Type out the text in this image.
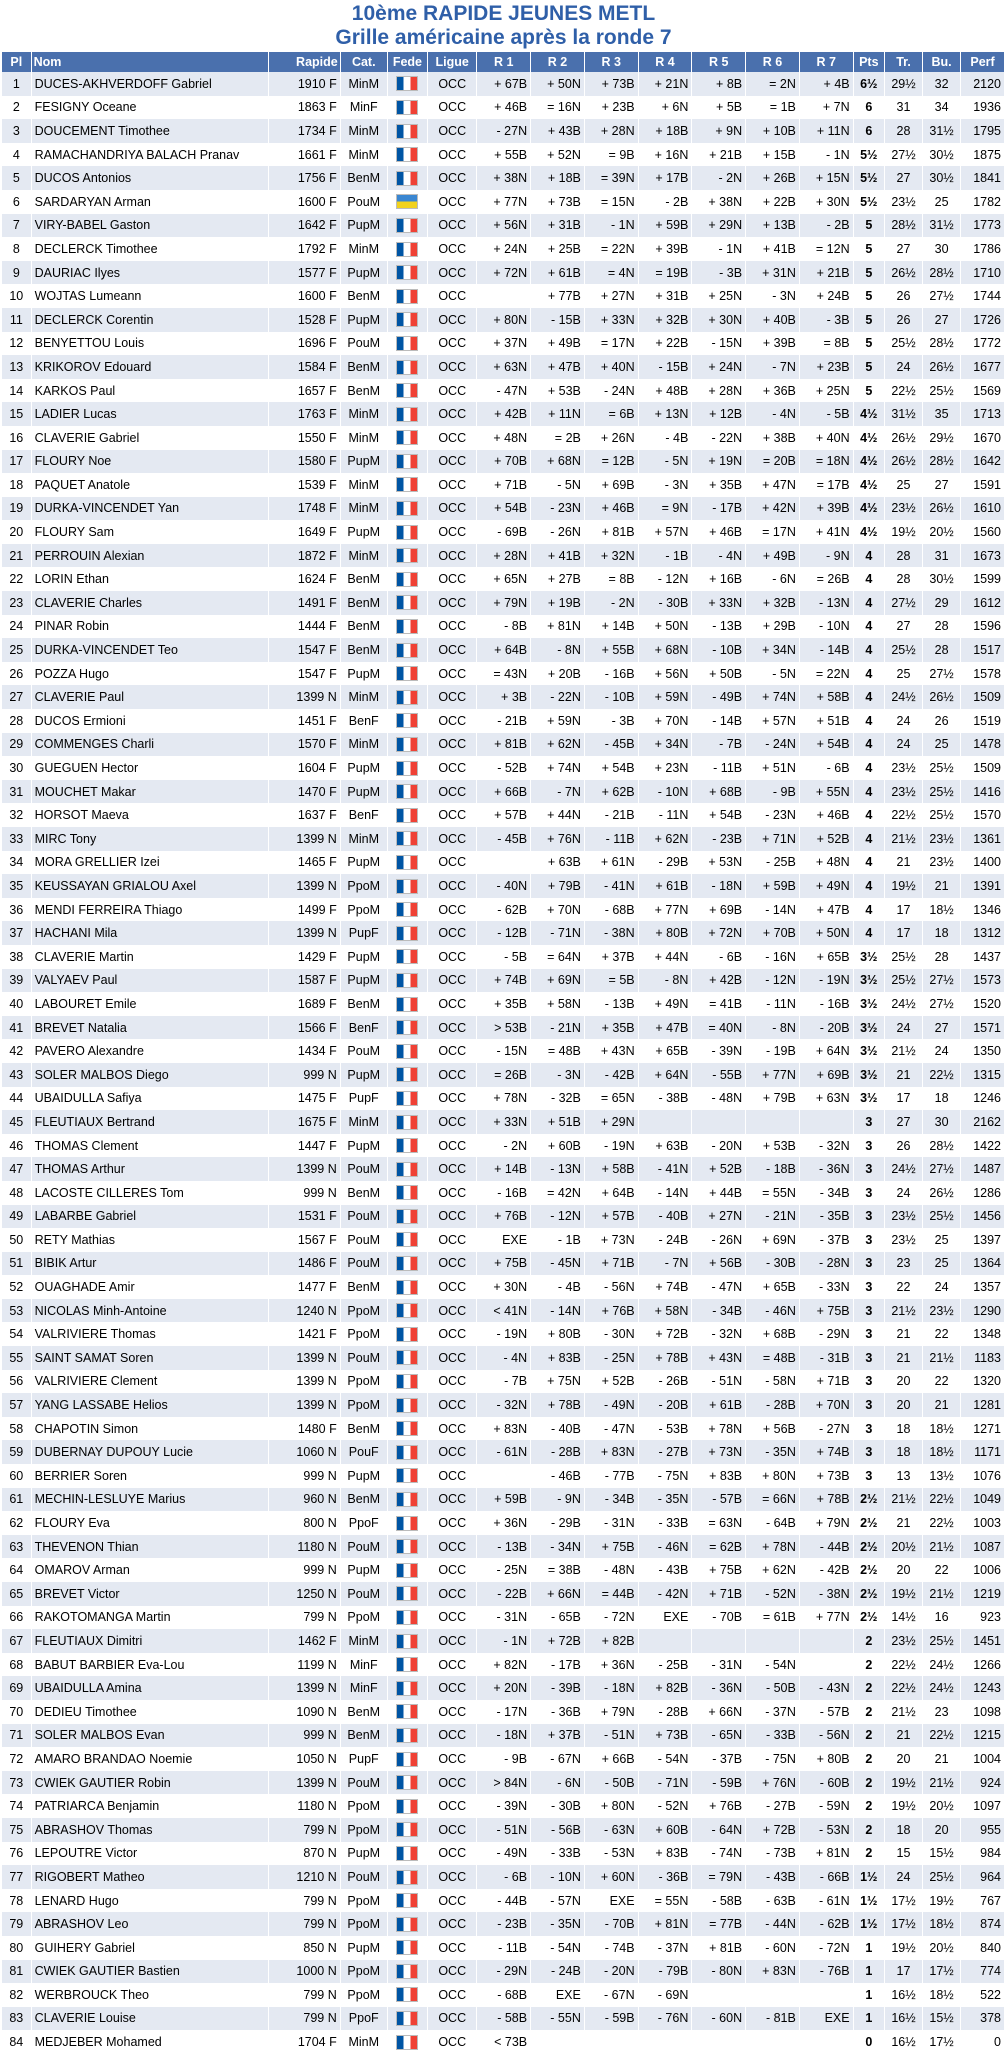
10ème RAPIDE JEUNES METL
Grille américaine après la ronde 7
Pl	Nom	Rapide	Cat.	Fede	Ligue	R 1	R 2	R 3	R 4	R 5	R 6	R 7	Pts	Tr.	Bu.	Perf
1	DUCES-AKHVERDOFF Gabriel	1910 F	MinM		OCC	+ 67B	+ 50N	+ 73B	+ 21N	+ 8B	= 2N	+ 4B	6½	29½	32	2120
2	FESIGNY Oceane	1863 F	MinF		OCC	+ 46B	= 16N	+ 23B	+ 6N	+ 5B	= 1B	+ 7N	6	31	34	1936
3	DOUCEMENT Timothee	1734 F	MinM		OCC	- 27N	+ 43B	+ 28N	+ 18B	+ 9N	+ 10B	+ 11N	6	28	31½	1795
4	RAMACHANDRIYA BALACH Pranav	1661 F	MinM		OCC	+ 55B	+ 52N	= 9B	+ 16N	+ 21B	+ 15B	- 1N	5½	27½	30½	1875
5	DUCOS Antonios	1756 F	BenM		OCC	+ 38N	+ 18B	= 39N	+ 17B	- 2N	+ 26B	+ 15N	5½	27	30½	1841
6	SARDARYAN Arman	1600 F	PouM		OCC	+ 77N	+ 73B	= 15N	- 2B	+ 38N	+ 22B	+ 30N	5½	23½	25	1782
7	VIRY-BABEL Gaston	1642 F	PupM		OCC	+ 56N	+ 31B	- 1N	+ 59B	+ 29N	+ 13B	- 2B	5	28½	31½	1773
8	DECLERCK Timothee	1792 F	MinM		OCC	+ 24N	+ 25B	= 22N	+ 39B	- 1N	+ 41B	= 12N	5	27	30	1786
9	DAURIAC Ilyes	1577 F	PupM		OCC	+ 72N	+ 61B	= 4N	= 19B	- 3B	+ 31N	+ 21B	5	26½	28½	1710
10	WOJTAS Lumeann	1600 F	BenM		OCC		+ 77B	+ 27N	+ 31B	+ 25N	- 3N	+ 24B	5	26	27½	1744
11	DECLERCK Corentin	1528 F	PupM		OCC	+ 80N	- 15B	+ 33N	+ 32B	+ 30N	+ 40B	- 3B	5	26	27	1726
12	BENYETTOU Louis	1696 F	PouM		OCC	+ 37N	+ 49B	= 17N	+ 22B	- 15N	+ 39B	= 8B	5	25½	28½	1772
13	KRIKOROV Edouard	1584 F	BenM		OCC	+ 63N	+ 47B	+ 40N	- 15B	+ 24N	- 7N	+ 23B	5	24	26½	1677
14	KARKOS Paul	1657 F	BenM		OCC	- 47N	+ 53B	- 24N	+ 48B	+ 28N	+ 36B	+ 25N	5	22½	25½	1569
15	LADIER Lucas	1763 F	MinM		OCC	+ 42B	+ 11N	= 6B	+ 13N	+ 12B	- 4N	- 5B	4½	31½	35	1713
16	CLAVERIE Gabriel	1550 F	MinM		OCC	+ 48N	= 2B	+ 26N	- 4B	- 22N	+ 38B	+ 40N	4½	26½	29½	1670
17	FLOURY Noe	1580 F	PupM		OCC	+ 70B	+ 68N	= 12B	- 5N	+ 19N	= 20B	= 18N	4½	26½	28½	1642
18	PAQUET Anatole	1539 F	MinM		OCC	+ 71B	- 5N	+ 69B	- 3N	+ 35B	+ 47N	= 17B	4½	25	27	1591
19	DURKA-VINCENDET Yan	1748 F	MinM		OCC	+ 54B	- 23N	+ 46B	= 9N	- 17B	+ 42N	+ 39B	4½	23½	26½	1610
20	FLOURY Sam	1649 F	PupM		OCC	- 69B	- 26N	+ 81B	+ 57N	+ 46B	= 17N	+ 41N	4½	19½	20½	1560
21	PERROUIN Alexian	1872 F	MinM		OCC	+ 28N	+ 41B	+ 32N	- 1B	- 4N	+ 49B	- 9N	4	28	31	1673
22	LORIN Ethan	1624 F	BenM		OCC	+ 65N	+ 27B	= 8B	- 12N	+ 16B	- 6N	= 26B	4	28	30½	1599
23	CLAVERIE Charles	1491 F	BenM		OCC	+ 79N	+ 19B	- 2N	- 30B	+ 33N	+ 32B	- 13N	4	27½	29	1612
24	PINAR Robin	1444 F	BenM		OCC	- 8B	+ 81N	+ 14B	+ 50N	- 13B	+ 29B	- 10N	4	27	28	1596
25	DURKA-VINCENDET Teo	1547 F	BenM		OCC	+ 64B	- 8N	+ 55B	+ 68N	- 10B	+ 34N	- 14B	4	25½	28	1517
26	POZZA Hugo	1547 F	PupM		OCC	= 43N	+ 20B	- 16B	+ 56N	+ 50B	- 5N	= 22N	4	25	27½	1578
27	CLAVERIE Paul	1399 N	MinM		OCC	+ 3B	- 22N	- 10B	+ 59N	- 49B	+ 74N	+ 58B	4	24½	26½	1509
28	DUCOS Ermioni	1451 F	BenF		OCC	- 21B	+ 59N	- 3B	+ 70N	- 14B	+ 57N	+ 51B	4	24	26	1519
29	COMMENGES Charli	1570 F	MinM		OCC	+ 81B	+ 62N	- 45B	+ 34N	- 7B	- 24N	+ 54B	4	24	25	1478
30	GUEGUEN Hector	1604 F	PupM		OCC	- 52B	+ 74N	+ 54B	+ 23N	- 11B	+ 51N	- 6B	4	23½	25½	1509
31	MOUCHET Makar	1470 F	PupM		OCC	+ 66B	- 7N	+ 62B	- 10N	+ 68B	- 9B	+ 55N	4	23½	25½	1416
32	HORSOT Maeva	1637 F	BenF		OCC	+ 57B	+ 44N	- 21B	- 11N	+ 54B	- 23N	+ 46B	4	22½	25½	1570
33	MIRC Tony	1399 N	MinM		OCC	- 45B	+ 76N	- 11B	+ 62N	- 23B	+ 71N	+ 52B	4	21½	23½	1361
34	MORA GRELLIER Izei	1465 F	PupM		OCC		+ 63B	+ 61N	- 29B	+ 53N	- 25B	+ 48N	4	21	23½	1400
35	KEUSSAYAN GRIALOU Axel	1399 N	PpoM		OCC	- 40N	+ 79B	- 41N	+ 61B	- 18N	+ 59B	+ 49N	4	19½	21	1391
36	MENDI FERREIRA Thiago	1499 F	PpoM		OCC	- 62B	+ 70N	- 68B	+ 77N	+ 69B	- 14N	+ 47B	4	17	18½	1346
37	HACHANI Mila	1399 N	PupF		OCC	- 12B	- 71N	- 38N	+ 80B	+ 72N	+ 70B	+ 50N	4	17	18	1312
38	CLAVERIE Martin	1429 F	PupM		OCC	- 5B	= 64N	+ 37B	+ 44N	- 6B	- 16N	+ 65B	3½	25½	28	1437
39	VALYAEV Paul	1587 F	PupM		OCC	+ 74B	+ 69N	= 5B	- 8N	+ 42B	- 12N	- 19N	3½	25½	27½	1573
40	LABOURET Emile	1689 F	BenM		OCC	+ 35B	+ 58N	- 13B	+ 49N	= 41B	- 11N	- 16B	3½	24½	27½	1520
41	BREVET Natalia	1566 F	BenF		OCC	> 53B	- 21N	+ 35B	+ 47B	= 40N	- 8N	- 20B	3½	24	27	1571
42	PAVERO Alexandre	1434 F	PouM		OCC	- 15N	= 48B	+ 43N	+ 65B	- 39N	- 19B	+ 64N	3½	21½	24	1350
43	SOLER MALBOS Diego	999 N	PupM		OCC	= 26B	- 3N	- 42B	+ 64N	- 55B	+ 77N	+ 69B	3½	21	22½	1315
44	UBAIDULLA Safiya	1475 F	PupF		OCC	+ 78N	- 32B	= 65N	- 38B	- 48N	+ 79B	+ 63N	3½	17	18	1246
45	FLEUTIAUX Bertrand	1675 F	MinM		OCC	+ 33N	+ 51B	+ 29N					3	27	30	2162
46	THOMAS Clement	1447 F	PupM		OCC	- 2N	+ 60B	- 19N	+ 63B	- 20N	+ 53B	- 32N	3	26	28½	1422
47	THOMAS Arthur	1399 N	PouM		OCC	+ 14B	- 13N	+ 58B	- 41N	+ 52B	- 18B	- 36N	3	24½	27½	1487
48	LACOSTE CILLERES Tom	999 N	BenM		OCC	- 16B	= 42N	+ 64B	- 14N	+ 44B	= 55N	- 34B	3	24	26½	1286
49	LABARBE Gabriel	1531 F	PouM		OCC	+ 76B	- 12N	+ 57B	- 40B	+ 27N	- 21N	- 35B	3	23½	25½	1456
50	RETY Mathias	1567 F	PouM		OCC	EXE	- 1B	+ 73N	- 24B	- 26N	+ 69N	- 37B	3	23½	25	1397
51	BIBIK Artur	1486 F	PouM		OCC	+ 75B	- 45N	+ 71B	- 7N	+ 56B	- 30B	- 28N	3	23	25	1364
52	OUAGHADE Amir	1477 F	BenM		OCC	+ 30N	- 4B	- 56N	+ 74B	- 47N	+ 65B	- 33N	3	22	24	1357
53	NICOLAS Minh-Antoine	1240 N	PpoM		OCC	< 41N	- 14N	+ 76B	+ 58N	- 34B	- 46N	+ 75B	3	21½	23½	1290
54	VALRIVIERE Thomas	1421 F	PpoM		OCC	- 19N	+ 80B	- 30N	+ 72B	- 32N	+ 68B	- 29N	3	21	22	1348
55	SAINT SAMAT Soren	1399 N	PouM		OCC	- 4N	+ 83B	- 25N	+ 78B	+ 43N	= 48B	- 31B	3	21	21½	1183
56	VALRIVIERE Clement	1399 N	PpoM		OCC	- 7B	+ 75N	+ 52B	- 26B	- 51N	- 58N	+ 71B	3	20	22	1320
57	YANG LASSABE Helios	1399 N	PpoM		OCC	- 32N	+ 78B	- 49N	- 20B	+ 61B	- 28B	+ 70N	3	20	21	1281
58	CHAPOTIN Simon	1480 F	BenM		OCC	+ 83N	- 40B	- 47N	- 53B	+ 78N	+ 56B	- 27N	3	18	18½	1271
59	DUBERNAY DUPOUY Lucie	1060 N	PouF		OCC	- 61N	- 28B	+ 83N	- 27B	+ 73N	- 35N	+ 74B	3	18	18½	1171
60	BERRIER Soren	999 N	PupM		OCC		- 46B	- 77B	- 75N	+ 83B	+ 80N	+ 73B	3	13	13½	1076
61	MECHIN-LESLUYE Marius	960 N	BenM		OCC	+ 59B	- 9N	- 34B	- 35N	- 57B	= 66N	+ 78B	2½	21½	22½	1049
62	FLOURY Eva	800 N	PpoF		OCC	+ 36N	- 29B	- 31N	- 33B	= 63N	- 64B	+ 79N	2½	21	22½	1003
63	THEVENON Thian	1180 N	PouM		OCC	- 13B	- 34N	+ 75B	- 46N	= 62B	+ 78N	- 44B	2½	20½	21½	1087
64	OMAROV Arman	999 N	PupM		OCC	- 25N	= 38B	- 48N	- 43B	+ 75B	+ 62N	- 42B	2½	20	22	1006
65	BREVET Victor	1250 N	PouM		OCC	- 22B	+ 66N	= 44B	- 42N	+ 71B	- 52N	- 38N	2½	19½	21½	1219
66	RAKOTOMANGA Martin	799 N	PpoM		OCC	- 31N	- 65B	- 72N	EXE	- 70B	= 61B	+ 77N	2½	14½	16	923
67	FLEUTIAUX Dimitri	1462 F	MinM		OCC	- 1N	+ 72B	+ 82B					2	23½	25½	1451
68	BABUT BARBIER Eva-Lou	1199 N	MinF		OCC	+ 82N	- 17B	+ 36N	- 25B	- 31N	- 54N		2	22½	24½	1266
69	UBAIDULLA Amina	1399 N	MinF		OCC	+ 20N	- 39B	- 18N	+ 82B	- 36N	- 50B	- 43N	2	22½	24½	1243
70	DEDIEU Timothee	1090 N	BenM		OCC	- 17N	- 36B	+ 79N	- 28B	+ 66N	- 37N	- 57B	2	21½	23	1098
71	SOLER MALBOS Evan	999 N	BenM		OCC	- 18N	+ 37B	- 51N	+ 73B	- 65N	- 33B	- 56N	2	21	22½	1215
72	AMARO BRANDAO Noemie	1050 N	PupF		OCC	- 9B	- 67N	+ 66B	- 54N	- 37B	- 75N	+ 80B	2	20	21	1004
73	CWIEK GAUTIER Robin	1399 N	PouM		OCC	> 84N	- 6N	- 50B	- 71N	- 59B	+ 76N	- 60B	2	19½	21½	924
74	PATRIARCA Benjamin	1180 N	PpoM		OCC	- 39N	- 30B	+ 80N	- 52N	+ 76B	- 27B	- 59N	2	19½	20½	1097
75	ABRASHOV Thomas	799 N	PpoM		OCC	- 51N	- 56B	- 63N	+ 60B	- 64N	+ 72B	- 53N	2	18	20	955
76	LEPOUTRE Victor	870 N	PupM		OCC	- 49N	- 33B	- 53N	+ 83B	- 74N	- 73B	+ 81N	2	15	15½	984
77	RIGOBERT Matheo	1210 N	PouM		OCC	- 6B	- 10N	+ 60N	- 36B	= 79N	- 43B	- 66B	1½	24	25½	964
78	LENARD Hugo	799 N	PpoM		OCC	- 44B	- 57N	EXE	= 55N	- 58B	- 63B	- 61N	1½	17½	19½	767
79	ABRASHOV Leo	799 N	PpoM		OCC	- 23B	- 35N	- 70B	+ 81N	= 77B	- 44N	- 62B	1½	17½	18½	874
80	GUIHERY Gabriel	850 N	PupM		OCC	- 11B	- 54N	- 74B	- 37N	+ 81B	- 60N	- 72N	1	19½	20½	840
81	CWIEK GAUTIER Bastien	1000 N	PpoM		OCC	- 29N	- 24B	- 20N	- 79B	- 80N	+ 83N	- 76B	1	17	17½	774
82	WERBROUCK Theo	799 N	PpoM		OCC	- 68B	EXE	- 67N	- 69N				1	16½	18½	522
83	CLAVERIE Louise	799 N	PpoF		OCC	- 58B	- 55N	- 59B	- 76N	- 60N	- 81B	EXE	1	16½	15½	378
84	MEDJEBER Mohamed	1704 F	MinM		OCC	< 73B							0	16½	17½	0
